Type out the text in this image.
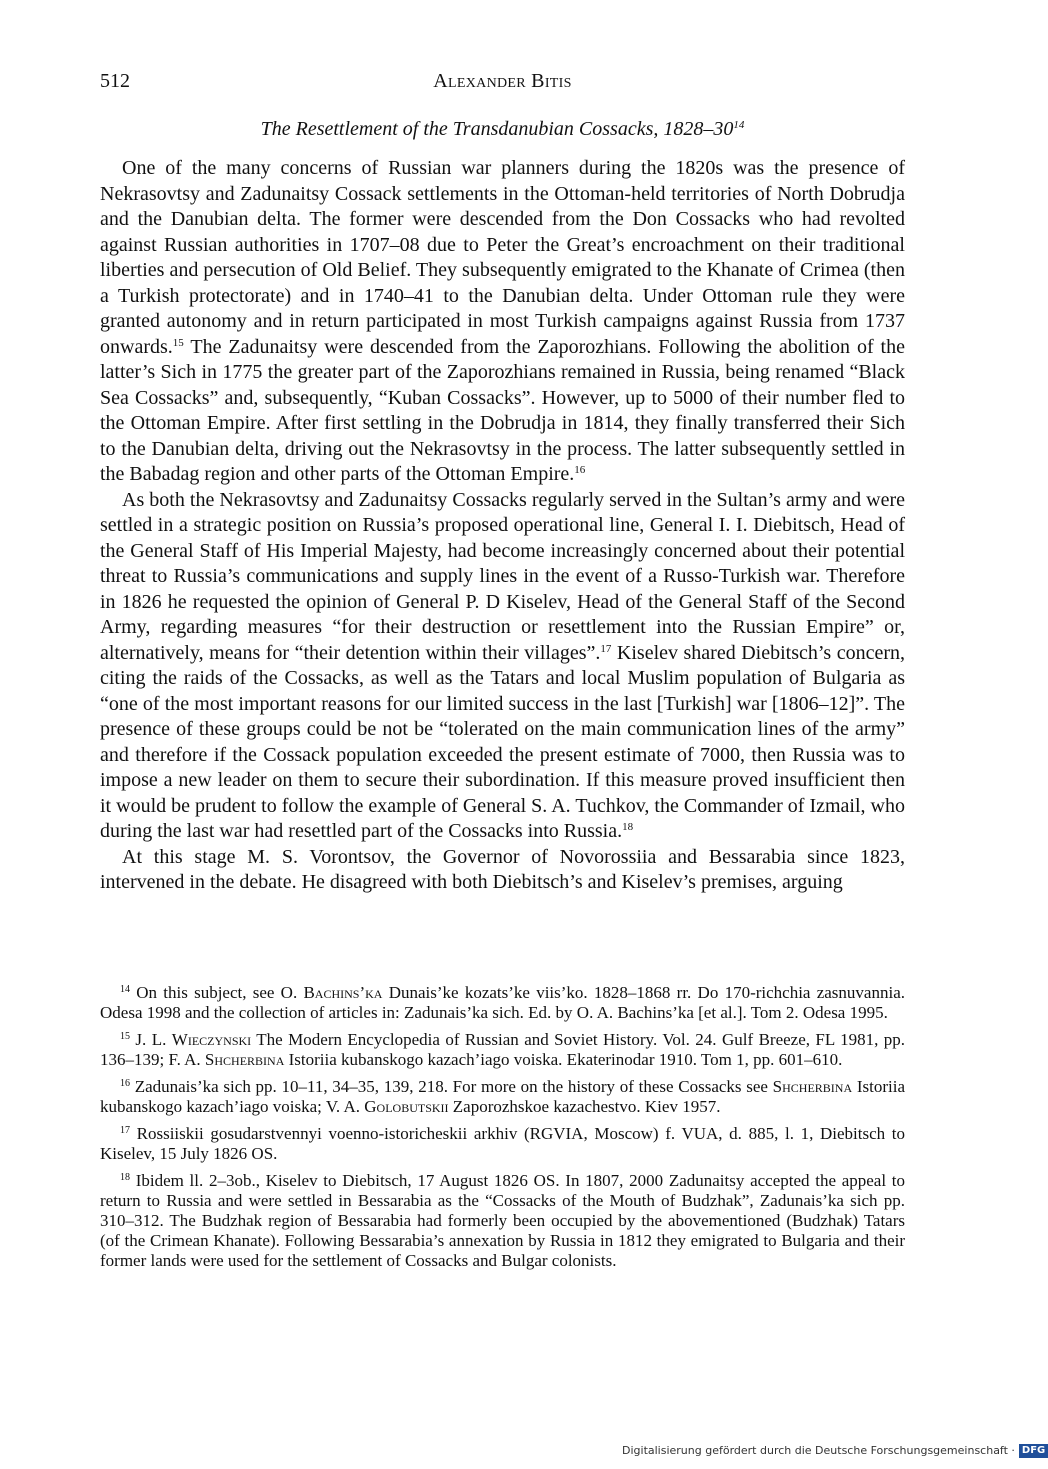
512	Alexander Bitis
The Resettlement of the Transdanubian Cossacks, $1828-30^{14}$

One of the many concerns of Russian war planners during the 1820s was the presence of Nekrasovtsy and Zadunaitsy Cossack settlements in the Ottoman-held territories of North Dobrudja and the Danubian delta. The former were descended from the Don Cossacks who had revolted against Russian authorities in 1707–08 due to Peter the Great’s encroachment on their traditional liberties and persecution of Old Belief. They subsequently emigrated to the Khanate of Crimea (then a Turkish protectorate) and in 1740–41 to the Danubian delta. Under Ottoman rule they were granted autonomy and in return participated in most Turkish campaigns against Russia from 1737 onwards.$^{15}$ The Zadunaitsy were descended from the Zaporozhians. Following the abolition of the latter’s Sich in 1775 the greater part of the Zaporozhians remained in Russia, being renamed “Black Sea Cossacks” and, subsequently, “Kuban Cossacks”. However, up to 5000 of their number fled to the Ottoman Empire. After first settling in the Dobrudja in 1814, they finally transferred their Sich to the Danubian delta, driving out the Nekrasovtsy in the process. The latter subsequently settled in the Babadag region and other parts of the Ottoman Empire.$^{16}$

As both the Nekrasovtsy and Zadunaitsy Cossacks regularly served in the Sultan’s army and were settled in a strategic position on Russia’s proposed operational line, General I. I. Diebitsch, Head of the General Staff of His Imperial Majesty, had become increasingly concerned about their potential threat to Russia’s communications and supply lines in the event of a Russo-Turkish war. Therefore in 1826 he requested the opinion of General P. D Kiselev, Head of the General Staff of the Second Army, regarding measures “for their destruction or resettlement into the Russian Empire” or, alternatively, means for “their detention within their villages”.$^{17}$ Kiselev shared Diebitsch’s concern, citing the raids of the Cossacks, as well as the Tatars and local Muslim population of Bulgaria as “one of the most important reasons for our limited success in the last [Turkish] war [1806–12]”. The presence of these groups could be not be “tolerated on the main communication lines of the army” and therefore if the Cossack population exceeded the present estimate of 7000, then Russia was to impose a new leader on them to secure their subordination. If this measure proved insufficient then it would be prudent to follow the example of General S. A. Tuchkov, the Commander of Izmail, who during the last war had resettled part of the Cossacks into Russia.$^{18}$

At this stage M. S. Vorontsov, the Governor of Novorossiia and Bessarabia since 1823, intervened in the debate. He disagreed with both Diebitsch’s and Kiselev’s premises, arguing

$^{14}$ On this subject, see O. Bachins’ka Dunais’ke kozats’ke viis’ko. 1828–1868 rr. Do 170-richchia zasnuvannia. Odesa 1998 and the collection of articles in: Zadunais’ka sich. Ed. by O. A. Bachins’ka [et al.]. Tom 2. Odesa 1995.

$^{15}$ J. L. Wieczynski The Modern Encyclopedia of Russian and Soviet History. Vol. 24. Gulf Breeze, FL 1981, pp. 136–139; F. A. Shcherbina Istoriia kubanskogo kazach’iago voiska. Ekaterinodar 1910. Tom 1, pp. 601–610.

$^{16}$ Zadunais’ka sich pp. 10–11, 34–35, 139, 218. For more on the history of these Cossacks see Shcherbina Istoriia kubanskogo kazach’iago voiska; V. A. Golobutskii Zaporozhskoe kazachestvo. Kiev 1957.

$^{17}$ Rossiiskii gosudarstvennyi voenno-istoricheskii arkhiv (RGVIA, Moscow) f. VUA, d. 885, l. 1, Diebitsch to Kiselev, 15 July 1826 OS.

$^{18}$ Ibidem ll. 2–3ob., Kiselev to Diebitsch, 17 August 1826 OS. In 1807, 2000 Zadunaitsy accepted the appeal to return to Russia and were settled in Bessarabia as the “Cossacks of the Mouth of Budzhak”, Zadunais’ka sich pp. 310–312. The Budzhak region of Bessarabia had formerly been occupied by the abovementioned (Budzhak) Tatars (of the Crimean Khanate). Following Bessarabia’s annexation by Russia in 1812 they emigrated to Bulgaria and their former lands were used for the settlement of Cossacks and Bulgar colonists.

Digitalisierung gefördert durch die Deutsche Forschungsgemeinschaft · DFG
